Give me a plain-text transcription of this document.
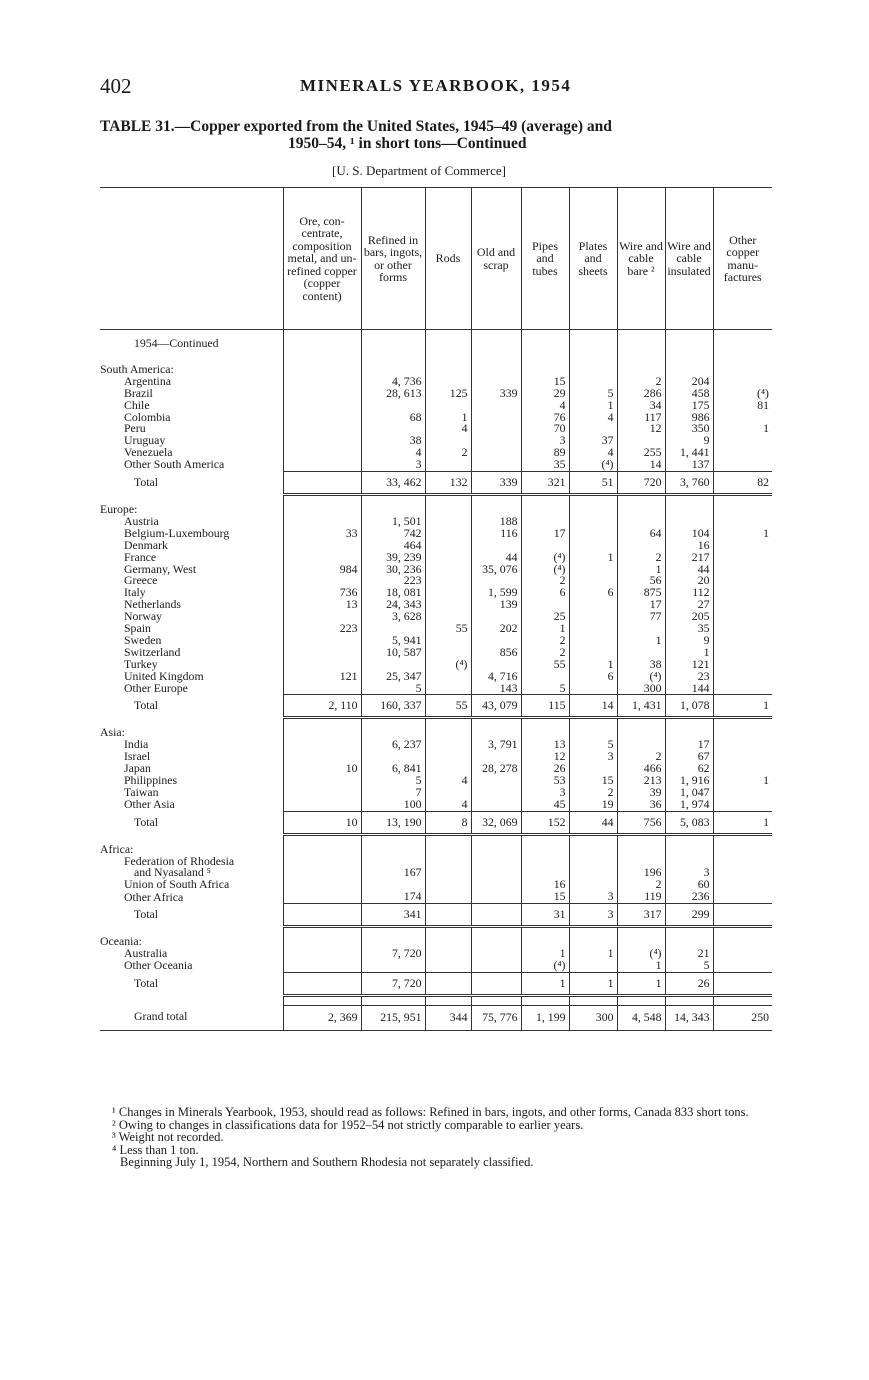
402	MINERALS YEARBOOK, 1954
TABLE 31.—Copper exported from the United States, 1945–49 (average) and
1950–54, ¹ in short tons—Continued
[U. S. Department of Commerce]
	Ore, concentrate, composition metal, and unrefined copper (copper content)	Refined in bars, ingots, or other forms	Rods	Old and scrap	Pipes and tubes	Plates and sheets	Wire and cable bare ²	Wire and cable insulated	Other copper manufactures

1954—Continued									

South America:									
Argentina		4, 736			15		2	204	
Brazil		28, 613	125	339	29	5	286	458	(⁴)
Chile					4	1	34	175	81
Colombia		68	1		76	4	117	986	
Peru			4		70		12	350	1
Uruguay		38			3	37		9	
Venezuela		4	2		89	4	255	1, 441	
Other South America		3			35	(⁴)	14	137	
Total		33, 462	132	339	321	51	720	3, 760	82

Europe:									
Austria		1, 501		188					
Belgium-Luxembourg	33	742		116	17		64	104	1
Denmark		464						16	
France		39, 239		44	(⁴)	1	2	217	
Germany, West	984	30, 236		35, 076	(⁴)		1	44	
Greece		223			2		56	20	
Italy	736	18, 081		1, 599	6	6	875	112	
Netherlands	13	24, 343		139			17	27	
Norway		3, 628			25		77	205	
Spain	223		55	202	1			35	
Sweden		5, 941			2		1	9	
Switzerland		10, 587		856	2			1	
Turkey			(⁴)		55	1	38	121	
United Kingdom	121	25, 347		4, 716		6	(⁴)	23	
Other Europe		5		143	5		300	144	
Total	2, 110	160, 337	55	43, 079	115	14	1, 431	1, 078	1

Asia:									
India		6, 237		3, 791	13	5		17	
Israel					12	3	2	67	
Japan	10	6, 841		28, 278	26		466	62	
Philippines		5	4		53	15	213	1, 916	1
Taiwan		7			3	2	39	1, 047	
Other Asia		100	4		45	19	36	1, 974	
Total	10	13, 190	8	32, 069	152	44	756	5, 083	1

Africa:									
Federation of Rhodesia									
and Nyasaland ⁵		167					196	3	
Union of South Africa					16		2	60	
Other Africa		174			15	3	119	236	
Total		341			31	3	317	299	

Oceania:									
Australia		7, 720			1	1	(⁴)	21	
Other Oceania					(⁴)		1	5	
Total		7, 720			1	1	1	26	

Grand total	2, 369	215, 951	344	75, 776	1, 199	300	4, 548	14, 343	250
¹ Changes in Minerals Yearbook, 1953, should read as follows: Refined in bars, ingots, and other forms, Canada 833 short tons.
² Owing to changes in classifications data for 1952–54 not strictly comparable to earlier years.
³ Weight not recorded.
⁴ Less than 1 ton.
Beginning July 1, 1954, Northern and Southern Rhodesia not separately classified.
